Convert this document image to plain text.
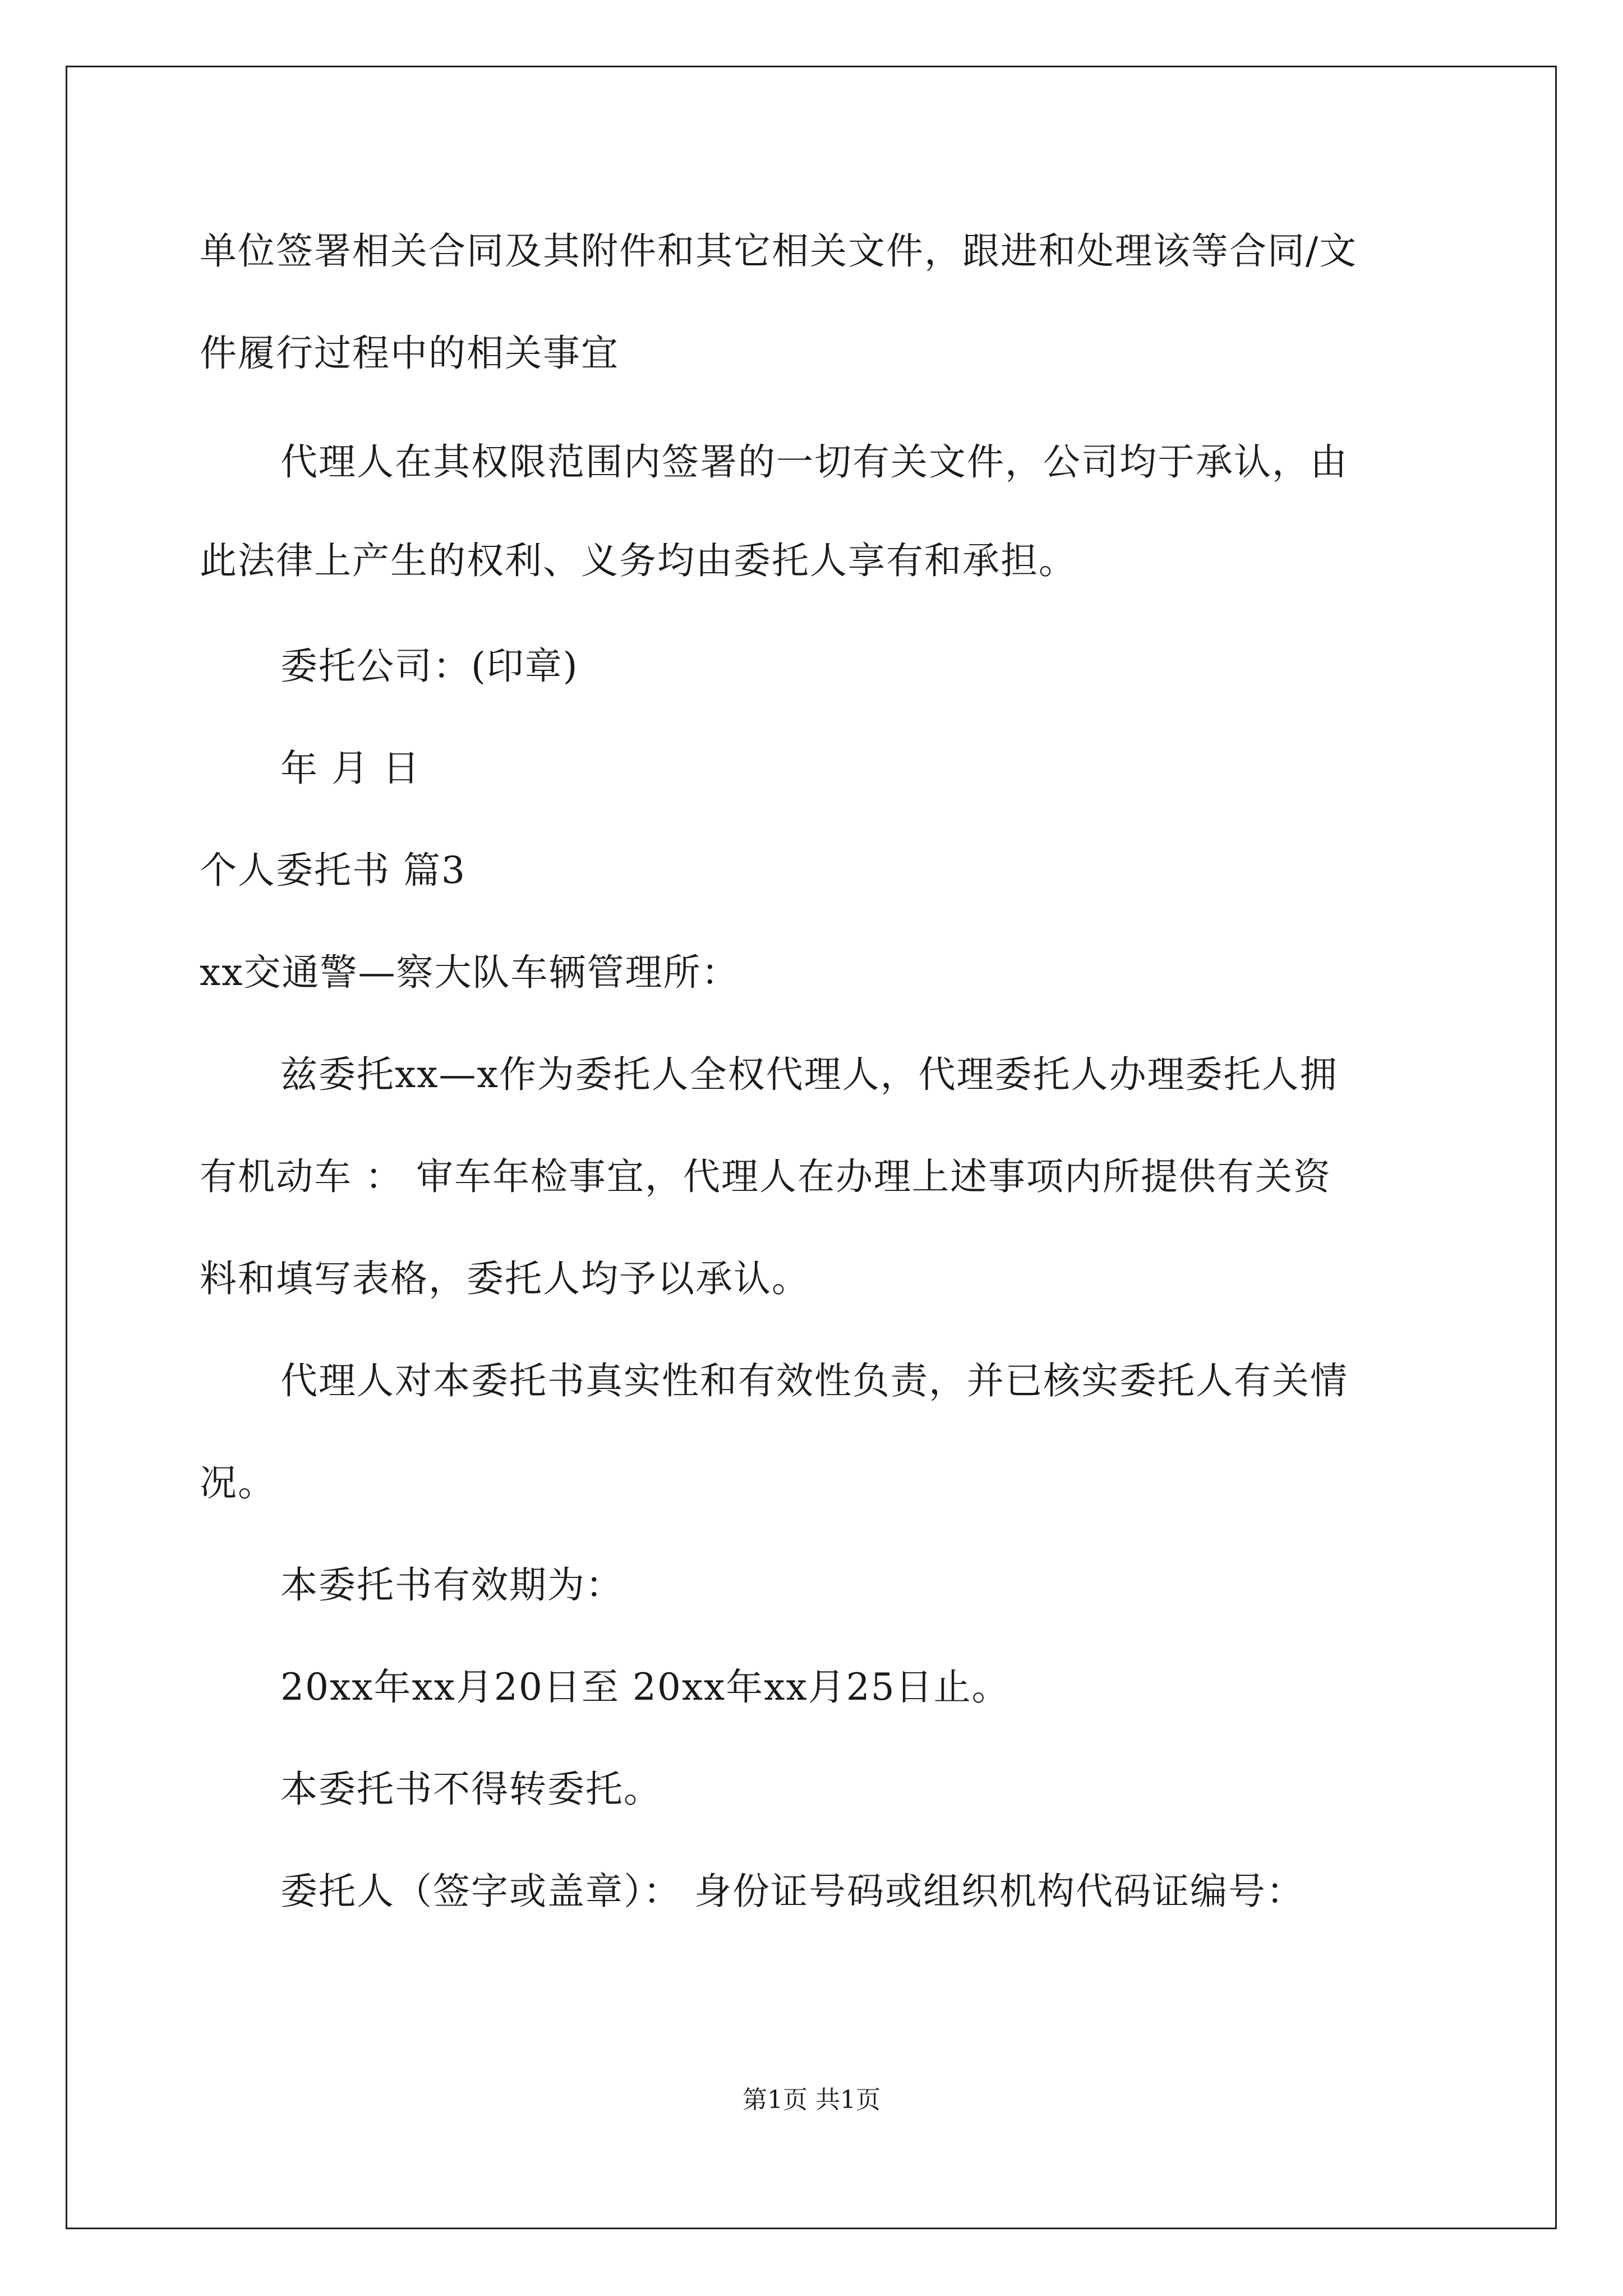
单位签署相关合同及其附件和其它相关文件，跟进和处理该等合同/文
件履行过程中的相关事宜
代理人在其权限范围内签署的一切有关文件，公司均于承认，由
此法律上产生的权利、义务均由委托人享有和承担。
委托公司：(印章)
年 月 日
个人委托书 篇3
xx交通警—察大队车辆管理所：
兹委托xx—x作为委托人全权代理人，代理委托人办理委托人拥
有机动车 ： 审车年检事宜，代理人在办理上述事项内所提供有关资
料和填写表格，委托人均予以承认。
代理人对本委托书真实性和有效性负责，并已核实委托人有关情
况。
本委托书有效期为：
20xx年xx月20日至 20xx年xx月25日止。
本委托书不得转委托。
委托人（签字或盖章）： 身份证号码或组织机构代码证编号：
第1页 共1页
